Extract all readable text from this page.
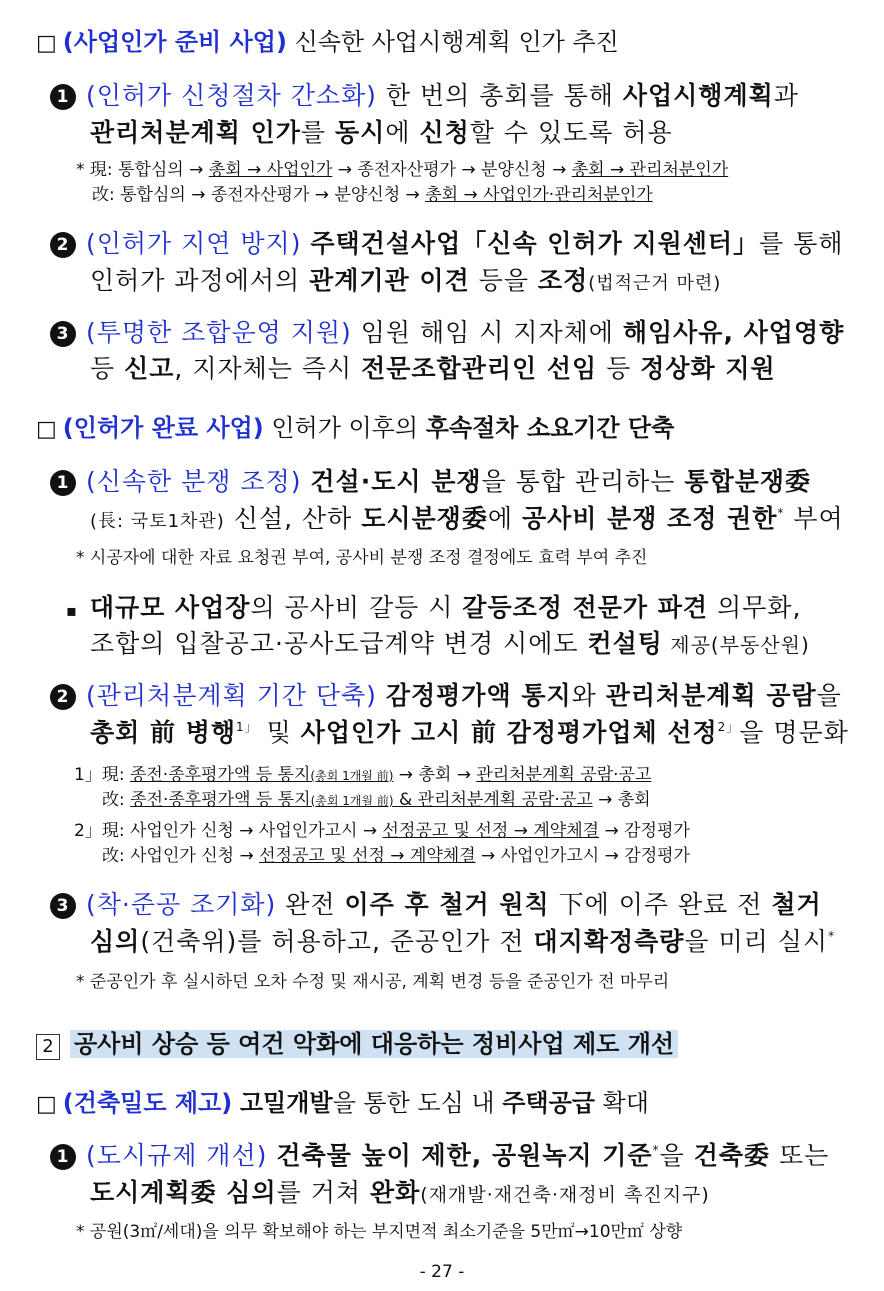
□ (사업인가 준비 사업) 신속한 사업시행계획 인가 추진
1 (인허가 신청절차 간소화) 한 번의 총회를 통해 사업시행계획과
관리처분계획 인가를 동시에 신청할 수 있도록 허용
* 現: 통합심의 → 총회 → 사업인가 → 종전자산평가 → 분양신청 → 총회 → 관리처분인가
改: 통합심의 → 종전자산평가 → 분양신청 → 총회 → 사업인가·관리처분인가
2 (인허가 지연 방지) 주택건설사업「신속 인허가 지원센터」를 통해
인허가 과정에서의 관계기관 이견 등을 조정(법적근거 마련)
3 (투명한 조합운영 지원) 임원 해임 시 지자체에 해임사유, 사업영향
등 신고, 지자체는 즉시 전문조합관리인 선임 등 정상화 지원
□ (인허가 완료 사업) 인허가 이후의 후속절차 소요기간 단축
1 (신속한 분쟁 조정) 건설·도시 분쟁을 통합 관리하는 통합분쟁委
(長: 국토1차관) 신설, 산하 도시분쟁委에 공사비 분쟁 조정 권한* 부여
* 시공자에 대한 자료 요청권 부여, 공사비 분쟁 조정 결정에도 효력 부여 추진
▪ 대규모 사업장의 공사비 갈등 시 갈등조정 전문가 파견 의무화,
조합의 입찰공고·공사도급계약 변경 시에도 컨설팅 제공(부동산원)
2 (관리처분계획 기간 단축) 감정평가액 통지와 관리처분계획 공람을
총회 前 병행$^{1」}$ 및 사업인가 고시 前 감정평가업체 선정$^{2」}$을 명문화
1」現: 종전·종후평가액 등 통지(총회 1개월 前) → 총회 → 관리처분계획 공람·공고
改: 종전·종후평가액 등 통지(총회 1개월 前) & 관리처분계획 공람·공고 → 총회
2」現: 사업인가 신청 → 사업인가고시 → 선정공고 및 선정 → 계약체결 → 감정평가
改: 사업인가 신청 → 선정공고 및 선정 → 계약체결 → 사업인가고시 → 감정평가
3 (착·준공 조기화) 완전 이주 후 철거 원칙 下에 이주 완료 전 철거
심의(건축위)를 허용하고, 준공인가 전 대지확정측량을 미리 실시*
* 준공인가 후 실시하던 오차 수정 및 재시공, 계획 변경 등을 준공인가 전 마무리
2 공사비 상승 등 여건 악화에 대응하는 정비사업 제도 개선
□ (건축밀도 제고) 고밀개발을 통한 도심 내 주택공급 확대
1 (도시규제 개선) 건축물 높이 제한, 공원녹지 기준*을 건축委 또는
도시계획委 심의를 거쳐 완화(재개발·재건축·재정비 촉진지구)
* 공원(3㎡/세대)을 의무 확보해야 하는 부지면적 최소기준을 5만㎡→10만㎡ 상향
- 27 -
